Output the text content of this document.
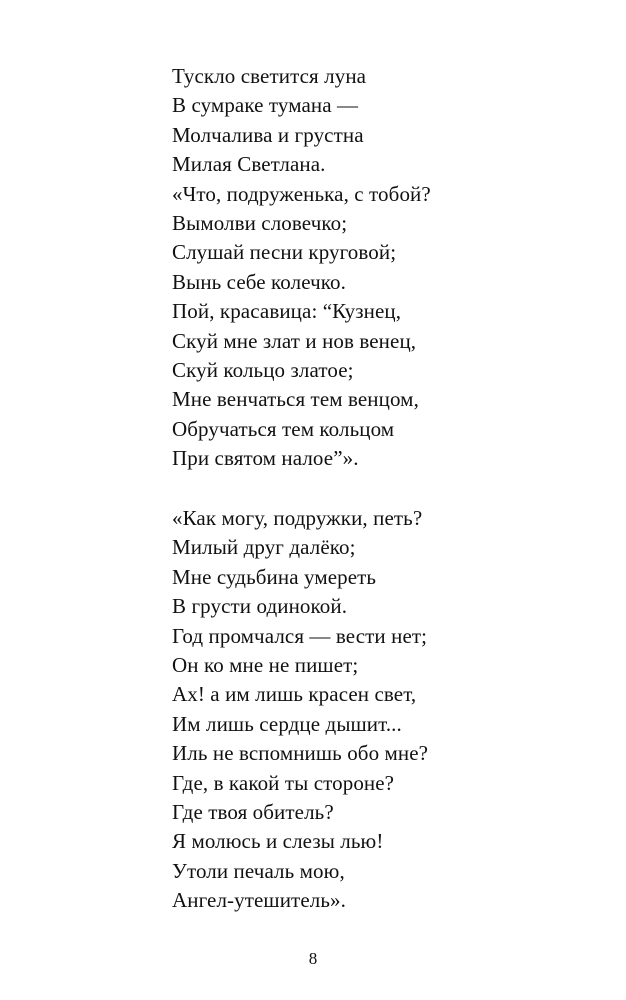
Тускло светится луна
В сумраке тумана —
Молчалива и грустна
Милая Светлана.
«Что, подруженька, с тобой?
Вымолви словечко;
Слушай песни круговой;
Вынь себе колечко.
Пой, красавица: “Кузнец,
Скуй мне злат и нов венец,
Скуй кольцо златое;
Мне венчаться тем венцом,
Обручаться тем кольцом
При святом налое”».
«Как могу, подружки, петь?
Милый друг далёко;
Мне судьбина умереть
В грусти одинокой.
Год промчался — вести нет;
Он ко мне не пишет;
Ах! а им лишь красен свет,
Им лишь сердце дышит...
Иль не вспомнишь обо мне?
Где, в какой ты стороне?
Где твоя обитель?
Я молюсь и слезы лью!
Утоли печаль мою,
Ангел-утешитель».
8
